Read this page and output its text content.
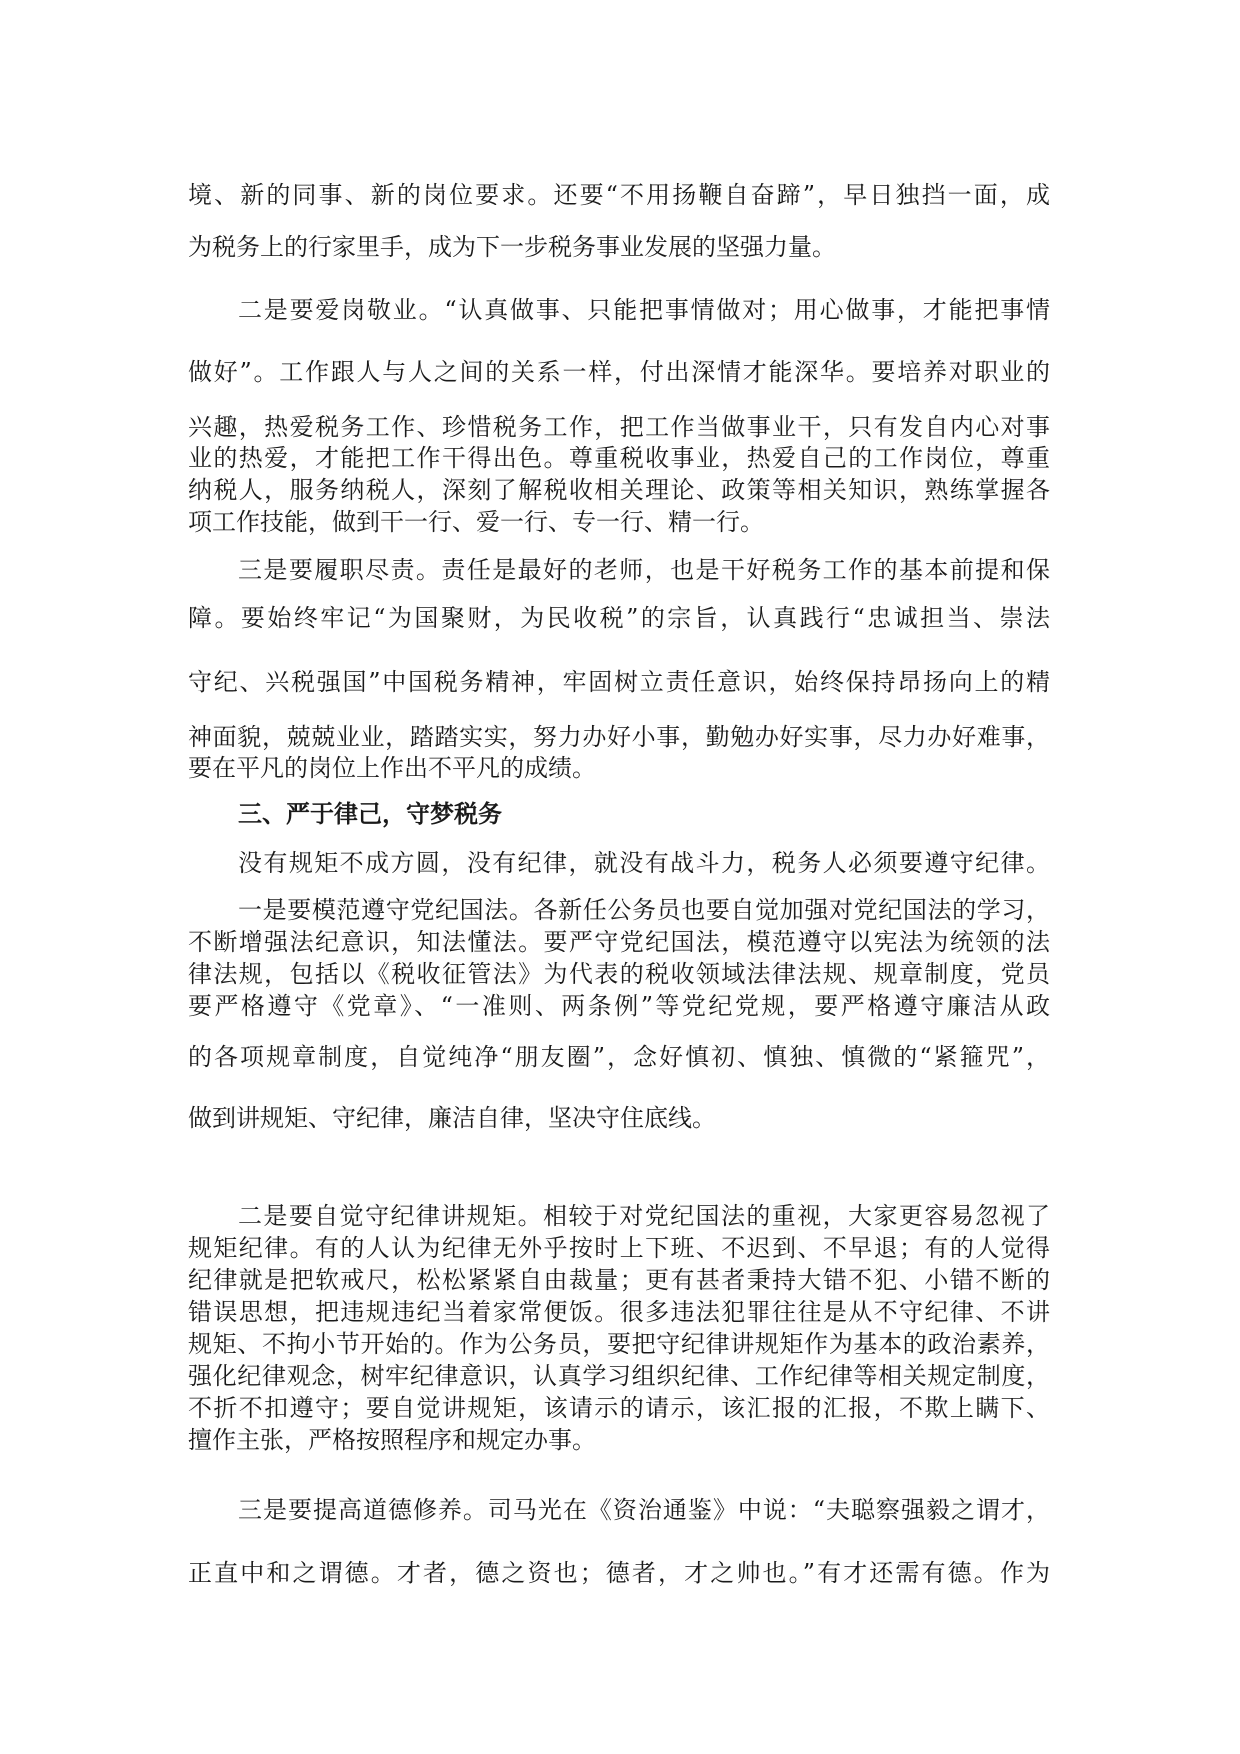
境、新的同事、新的岗位要求。还要“不用扬鞭自奋蹄”，早日独挡一面，成
为税务上的行家里手，成为下一步税务事业发展的坚强力量。
二是要爱岗敬业。“认真做事、只能把事情做对；用心做事，才能把事情
做好”。工作跟人与人之间的关系一样，付出深情才能深华。要培养对职业的
兴趣，热爱税务工作、珍惜税务工作，把工作当做事业干，只有发自内心对事
业的热爱，才能把工作干得出色。尊重税收事业，热爱自己的工作岗位，尊重
纳税人，服务纳税人，深刻了解税收相关理论、政策等相关知识，熟练掌握各
项工作技能，做到干一行、爱一行、专一行、精一行。
三是要履职尽责。责任是最好的老师，也是干好税务工作的基本前提和保
障。要始终牢记“为国聚财，为民收税”的宗旨，认真践行“忠诚担当、崇法
守纪、兴税强国”中国税务精神，牢固树立责任意识，始终保持昂扬向上的精
神面貌，兢兢业业，踏踏实实，努力办好小事，勤勉办好实事，尽力办好难事，
要在平凡的岗位上作出不平凡的成绩。
三、严于律己，守梦税务
没有规矩不成方圆，没有纪律，就没有战斗力，税务人必须要遵守纪律。
一是要模范遵守党纪国法。各新任公务员也要自觉加强对党纪国法的学习，
不断增强法纪意识，知法懂法。要严守党纪国法，模范遵守以宪法为统领的法
律法规，包括以《税收征管法》为代表的税收领域法律法规、规章制度，党员
要严格遵守《党章》、“一准则、两条例”等党纪党规，要严格遵守廉洁从政
的各项规章制度，自觉纯净“朋友圈”，念好慎初、慎独、慎微的“紧箍咒”，
做到讲规矩、守纪律，廉洁自律，坚决守住底线。
二是要自觉守纪律讲规矩。相较于对党纪国法的重视，大家更容易忽视了
规矩纪律。有的人认为纪律无外乎按时上下班、不迟到、不早退；有的人觉得
纪律就是把软戒尺，松松紧紧自由裁量；更有甚者秉持大错不犯、小错不断的
错误思想，把违规违纪当着家常便饭。很多违法犯罪往往是从不守纪律、不讲
规矩、不拘小节开始的。作为公务员，要把守纪律讲规矩作为基本的政治素养，
强化纪律观念，树牢纪律意识，认真学习组织纪律、工作纪律等相关规定制度，
不折不扣遵守；要自觉讲规矩，该请示的请示，该汇报的汇报，不欺上瞒下、
擅作主张，严格按照程序和规定办事。
三是要提高道德修养。司马光在《资治通鉴》中说：“夫聪察强毅之谓才，
正直中和之谓德。才者，德之资也；德者，才之帅也。”有才还需有德。作为
